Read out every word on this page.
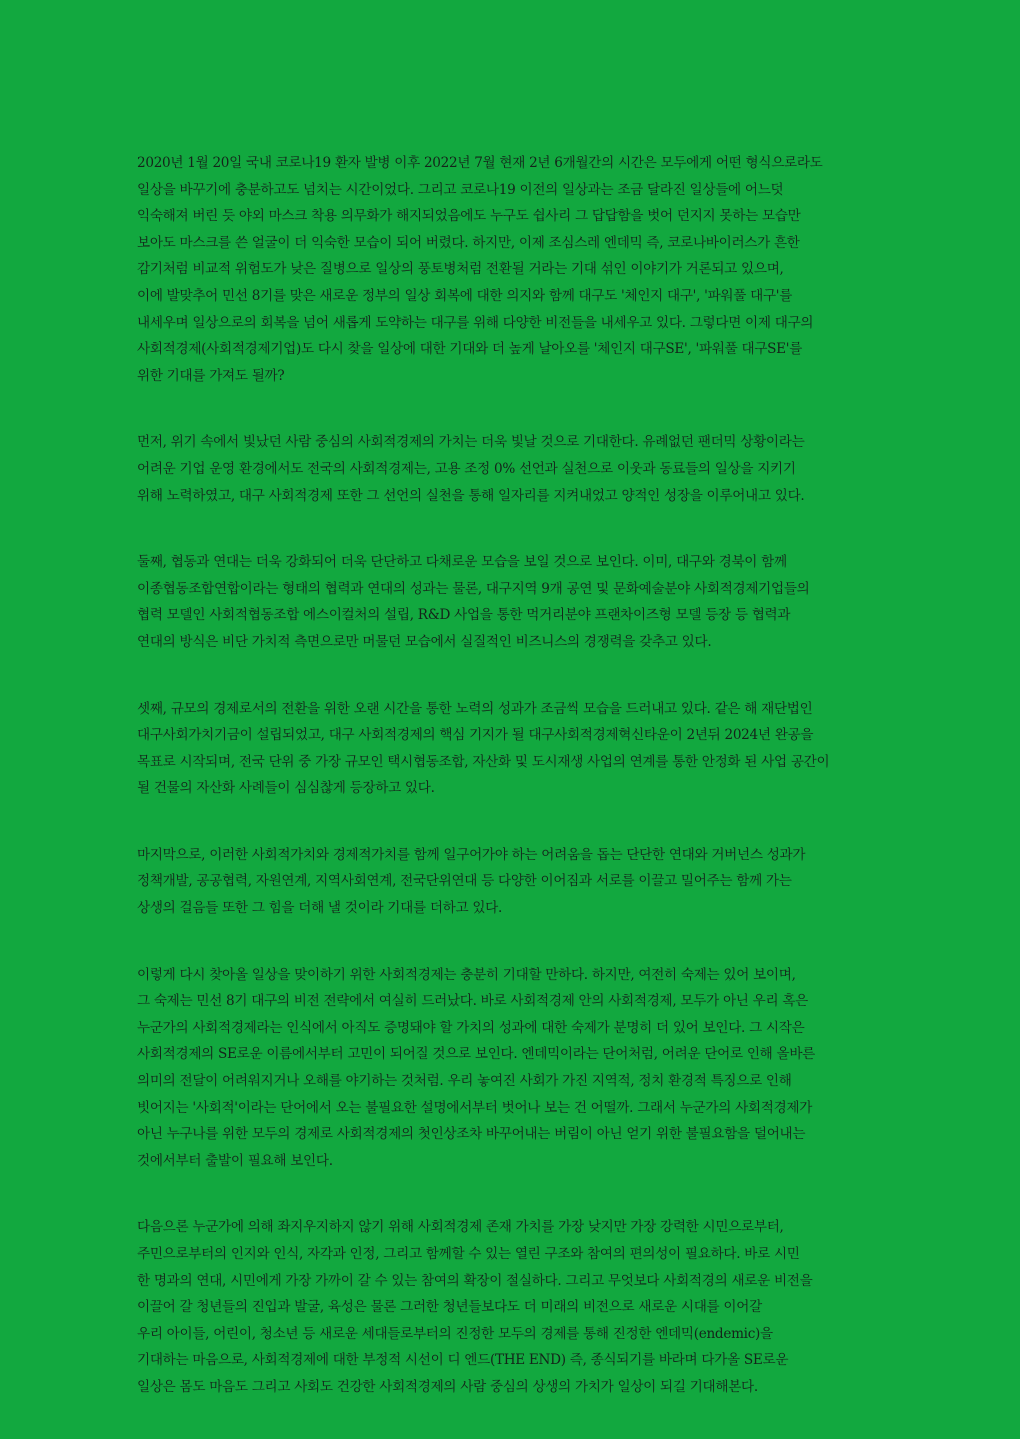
2020년 1월 20일 국내 코로나19 환자 발병 이후 2022년 7월 현재 2년 6개월간의 시간은 모두에게 어떤 형식으로라도
일상을 바꾸기에 충분하고도 넘치는 시간이었다. 그리고 코로나19 이전의 일상과는 조금 달라진 일상들에 어느덧
익숙해져 버린 듯 야외 마스크 착용 의무화가 해지되었음에도 누구도 쉽사리 그 답답함을 벗어 던지지 못하는 모습만
보아도 마스크를 쓴 얼굴이 더 익숙한 모습이 되어 버렸다. 하지만, 이제 조심스레 엔데믹 즉, 코로나바이러스가 흔한
감기처럼 비교적 위험도가 낮은 질병으로 일상의 풍토병처럼 전환될 거라는 기대 섞인 이야기가 거론되고 있으며,
이에 발맞추어 민선 8기를 맞은 새로운 정부의 일상 회복에 대한 의지와 함께 대구도 '체인지 대구', '파워풀 대구'를
내세우며 일상으로의 회복을 넘어 새롭게 도약하는 대구를 위해 다양한 비전들을 내세우고 있다. 그렇다면 이제 대구의
사회적경제(사회적경제기업)도 다시 찾을 일상에 대한 기대와 더 높게 날아오를 '체인지 대구SE', '파워풀 대구SE'를
위한 기대를 가져도 될까?
먼저, 위기 속에서 빛났던 사람 중심의 사회적경제의 가치는 더욱 빛날 것으로 기대한다. 유례없던 팬더믹 상황이라는
어려운 기업 운영 환경에서도 전국의 사회적경제는, 고용 조정 0% 선언과 실천으로 이웃과 동료들의 일상을 지키기
위해 노력하였고, 대구 사회적경제 또한 그 선언의 실천을 통해 일자리를 지켜내었고 양적인 성장을 이루어내고 있다.
둘째, 협동과 연대는 더욱 강화되어 더욱 단단하고 다채로운 모습을 보일 것으로 보인다. 이미, 대구와 경북이 함께
이종협동조합연합이라는 형태의 협력과 연대의 성과는 물론, 대구지역 9개 공연 및 문화예술분야 사회적경제기업들의
협력 모델인 사회적협동조합 에스이컬처의 설립, R&D 사업을 통한 먹거리분야 프랜차이즈형 모델 등장 등 협력과
연대의 방식은 비단 가치적 측면으로만 머물던 모습에서 실질적인 비즈니스의 경쟁력을 갖추고 있다.
셋째, 규모의 경제로서의 전환을 위한 오랜 시간을 통한 노력의 성과가 조금씩 모습을 드러내고 있다. 같은 해 재단법인
대구사회가치기금이 설립되었고, 대구 사회적경제의 핵심 기지가 될 대구사회적경제혁신타운이 2년뒤 2024년 완공을
목표로 시작되며, 전국 단위 중 가장 규모인 택시협동조합, 자산화 및 도시재생 사업의 연계를 통한 안정화 된 사업 공간이
될 건물의 자산화 사례들이 심심찮게 등장하고 있다.
마지막으로, 이러한 사회적가치와 경제적가치를 함께 일구어가야 하는 어려움을 돕는 단단한 연대와 거버넌스 성과가
정책개발, 공공협력, 자원연계, 지역사회연계, 전국단위연대 등 다양한 이어짐과 서로를 이끌고 밀어주는 함께 가는
상생의 걸음들 또한 그 힘을 더해 낼 것이라 기대를 더하고 있다.
이렇게 다시 찾아올 일상을 맞이하기 위한 사회적경제는 충분히 기대할 만하다. 하지만, 여전히 숙제는 있어 보이며,
그 숙제는 민선 8기 대구의 비전 전략에서 여실히 드러났다. 바로 사회적경제 안의 사회적경제, 모두가 아닌 우리 혹은
누군가의 사회적경제라는 인식에서 아직도 증명돼야 할 가치의 성과에 대한 숙제가 분명히 더 있어 보인다. 그 시작은
사회적경제의 SE로운 이름에서부터 고민이 되어질 것으로 보인다. 엔데믹이라는 단어처럼, 어려운 단어로 인해 올바른
의미의 전달이 어려워지거나 오해를 야기하는 것처럼. 우리 놓여진 사회가 가진 지역적, 정치 환경적 특징으로 인해
빗어지는 '사회적'이라는 단어에서 오는 불필요한 설명에서부터 벗어나 보는 건 어떨까. 그래서 누군가의 사회적경제가
아닌 누구나를 위한 모두의 경제로 사회적경제의 첫인상조차 바꾸어내는 버림이 아닌 얻기 위한 불필요함을 덜어내는
것에서부터 출발이 필요해 보인다.
다음으론 누군가에 의해 좌지우지하지 않기 위해 사회적경제 존재 가치를 가장 낮지만 가장 강력한 시민으로부터,
주민으로부터의 인지와 인식, 자각과 인정, 그리고 함께할 수 있는 열린 구조와 참여의 편의성이 필요하다. 바로 시민
한 명과의 연대, 시민에게 가장 가까이 갈 수 있는 참여의 확장이 절실하다. 그리고 무엇보다 사회적경의 새로운 비전을
이끌어 갈 청년들의 진입과 발굴, 육성은 물론 그러한 청년들보다도 더 미래의 비전으로 새로운 시대를 이어갈
우리 아이들, 어린이, 청소년 등 새로운 세대들로부터의 진정한 모두의 경제를 통해 진정한 엔데믹(endemic)을
기대하는 마음으로, 사회적경제에 대한 부정적 시선이 디 엔드(THE END) 즉, 종식되기를 바라며 다가올 SE로운
일상은 몸도 마음도 그리고 사회도 건강한 사회적경제의 사람 중심의 상생의 가치가 일상이 되길 기대해본다.
